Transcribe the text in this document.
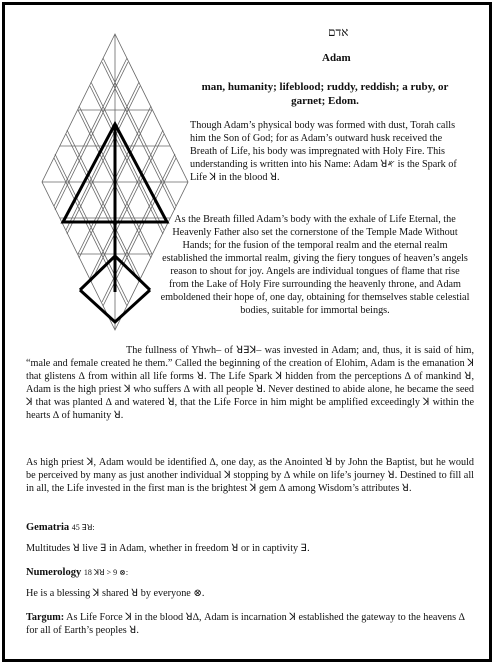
אדם
Adam
man, humanity; lifeblood; ruddy, reddish; a ruby, or garnet; Edom.

Though Adam’s physical body was formed with dust, Torah calls him the Son of God; for as Adam’s outward husk received the Breath of Life, his body was impregnated with Holy Fire. This understanding is written into his Name: Adam ꓤ𐤀 is the Spark of Life ꓘ in the blood ꓤ.

As the Breath filled Adam’s body with the exhale of Life Eternal, the Heavenly Father also set the cornerstone of the Temple Made Without Hands; for the fusion of the temporal realm and the eternal realm established the immortal realm, giving the fiery tongues of heaven’s angels reason to shout for joy. Angels are individual tongues of flame that rise from the Lake of Holy Fire surrounding the heavenly throne, and Adam emboldened their hope of, one day, obtaining for themselves stable celestial bodies, suitable for immortal beings.

The fullness of Yhwh– of ꓤꓱꓘ– was invested in Adam; and, thus, it is said of him, “male and female created he them.” Called the beginning of the creation of Elohim, Adam is the emanation ꓘ that glistens ∆ from within all life forms ꓤ. The Life Spark ꓘ hidden from the perceptions ∆ of mankind ꓤ, Adam is the high priest ꓘ who suffers ∆ with all people ꓤ. Never destined to abide alone, he became the seed ꓘ that was planted ∆ and watered ꓤ, that the Life Force in him might be amplified exceedingly ꓘ within the hearts ∆ of humanity ꓤ.

As high priest ꓘ, Adam would be identified ∆, one day, as the Anointed ꓤ by John the Baptist, but he would be perceived by many as just another individual ꓘ stopping by ∆ while on life’s journey ꓤ. Destined to fill all in all, the Life invested in the first man is the brightest ꓘ gem ∆ among Wisdom’s attributes ꓤ.

Gematria 45 ꓱꓤ:
Multitudes ꓤ live ꓱ in Adam, whether in freedom ꓤ or in captivity ꓱ.
Numerology 18 ꓘꓤ > 9 ⊗:
He is a blessing ꓘ shared ꓤ by everyone ⊗.
Targum: As Life Force ꓘ in the blood ꓤ∆, Adam is incarnation ꓘ established the gateway to the heavens ∆ for all of Earth’s peoples ꓤ.
